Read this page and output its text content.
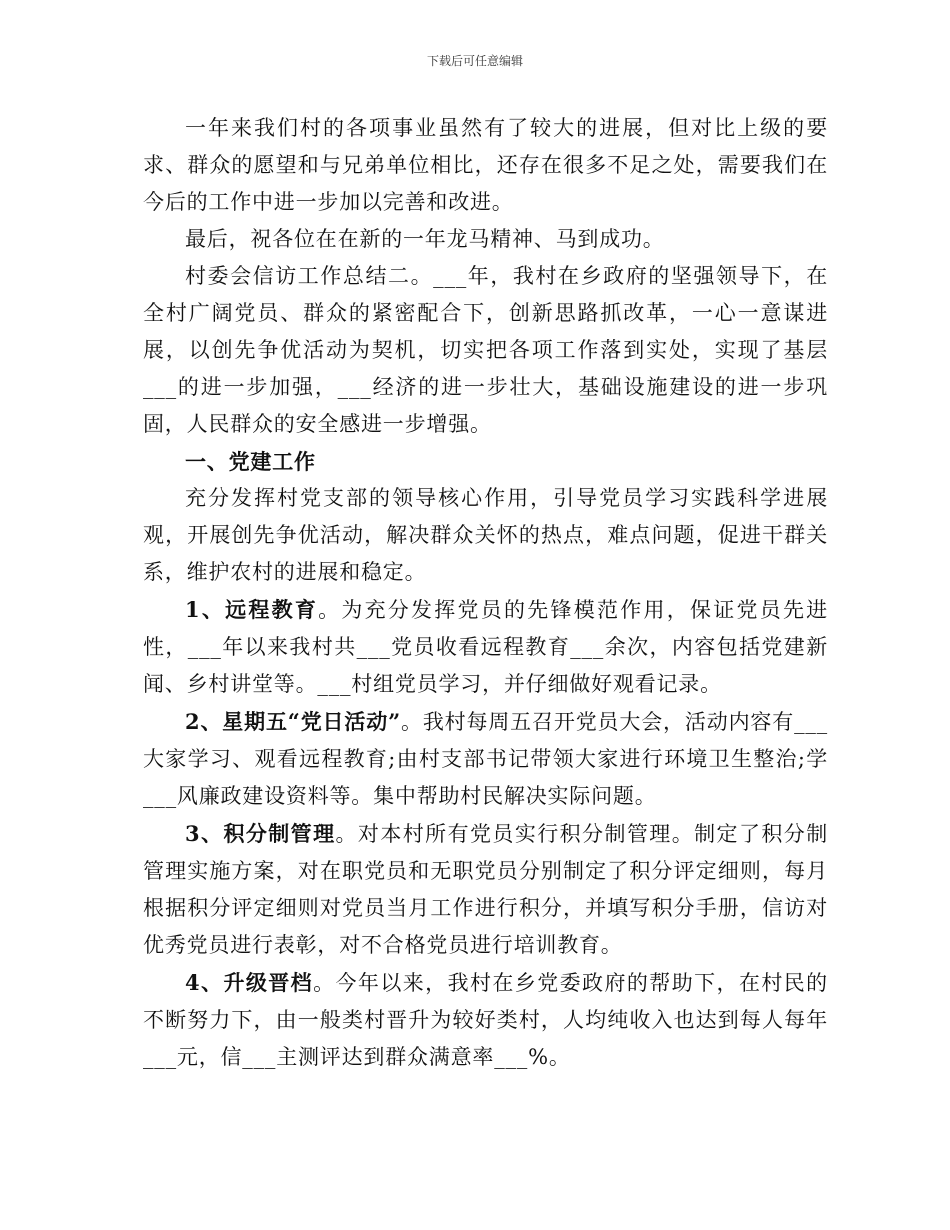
下载后可任意编辑

一年来我们村的各项事业虽然有了较大的进展，但对比上级的要求、群众的愿望和与兄弟单位相比，还存在很多不足之处，需要我们在今后的工作中进一步加以完善和改进。

最后，祝各位在在新的一年龙马精神、马到成功。

村委会信访工作总结二。___年，我村在乡政府的坚强领导下，在全村广阔党员、群众的紧密配合下，创新思路抓改革，一心一意谋进展，以创先争优活动为契机，切实把各项工作落到实处，实现了基层___的进一步加强，___经济的进一步壮大，基础设施建设的进一步巩固，人民群众的安全感进一步增强。

一、党建工作

充分发挥村党支部的领导核心作用，引导党员学习实践科学进展观，开展创先争优活动，解决群众关怀的热点，难点问题，促进干群关系，维护农村的进展和稳定。

1、远程教育。为充分发挥党员的先锋模范作用，保证党员先进性，___年以来我村共___党员收看远程教育___余次，内容包括党建新闻、乡村讲堂等。___村组党员学习，并仔细做好观看记录。

2、星期五“党日活动”。我村每周五召开党员大会，活动内容有___大家学习、观看远程教育;由村支部书记带领大家进行环境卫生整治;学___风廉政建设资料等。集中帮助村民解决实际问题。

3、积分制管理。对本村所有党员实行积分制管理。制定了积分制管理实施方案，对在职党员和无职党员分别制定了积分评定细则，每月根据积分评定细则对党员当月工作进行积分，并填写积分手册，信访对优秀党员进行表彰，对不合格党员进行培训教育。

4、升级晋档。今年以来，我村在乡党委政府的帮助下，在村民的不断努力下，由一般类村晋升为较好类村，人均纯收入也达到每人每年___元，信___主测评达到群众满意率___%。
